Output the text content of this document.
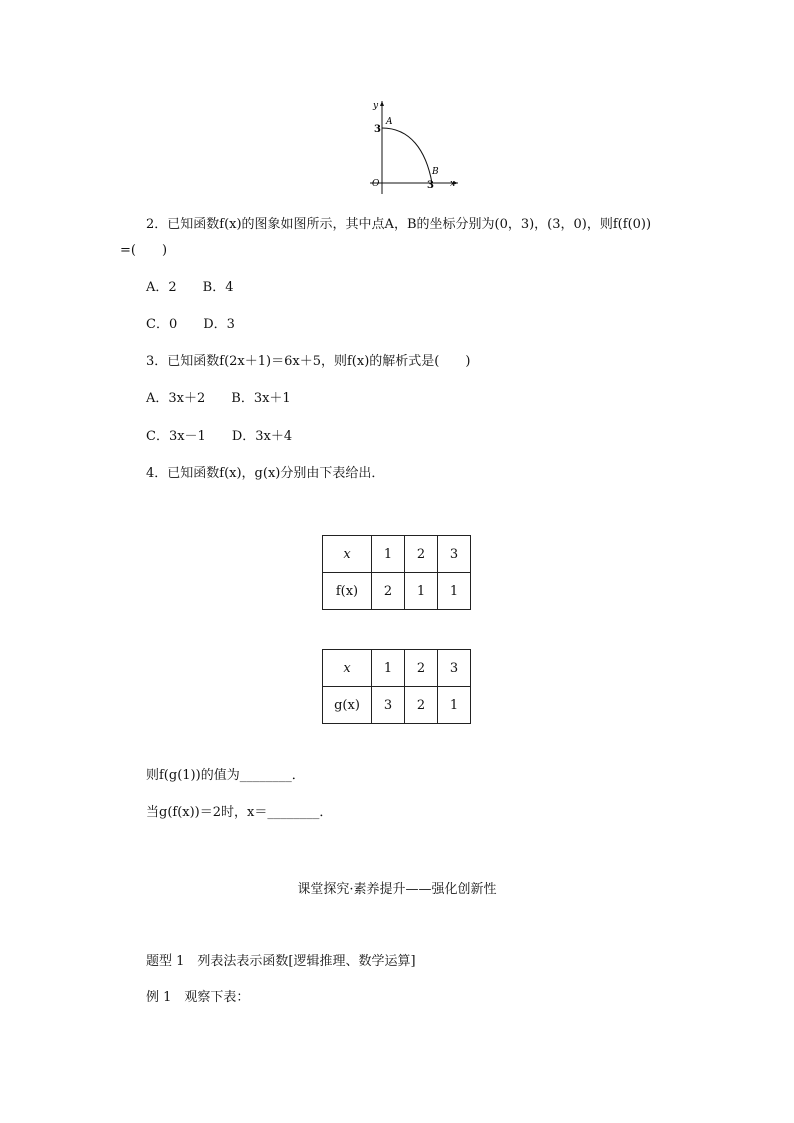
y
x
O
3
3
A
B
2．已知函数f(x)的图象如图所示，其中点A，B的坐标分别为(0，3)，(3，0)，则f(f(0))
=(　　)
A．2　　B．4
C．0　　D．3
3．已知函数f(2x＋1)＝6x＋5，则f(x)的解析式是(　　)
A．3x＋2　　B．3x＋1
C．3x－1　　D．3x＋4
4．已知函数f(x)，g(x)分别由下表给出．
x	1	2	3
f(x)	2	1	1
x	1	2	3
g(x)	3	2	1
则f(g(1))的值为________．
当g(f(x))＝2时，x＝________．
课堂探究·素养提升——强化创新性
题型 1　列表法表示函数[逻辑推理、数学运算]
例 1　观察下表：
